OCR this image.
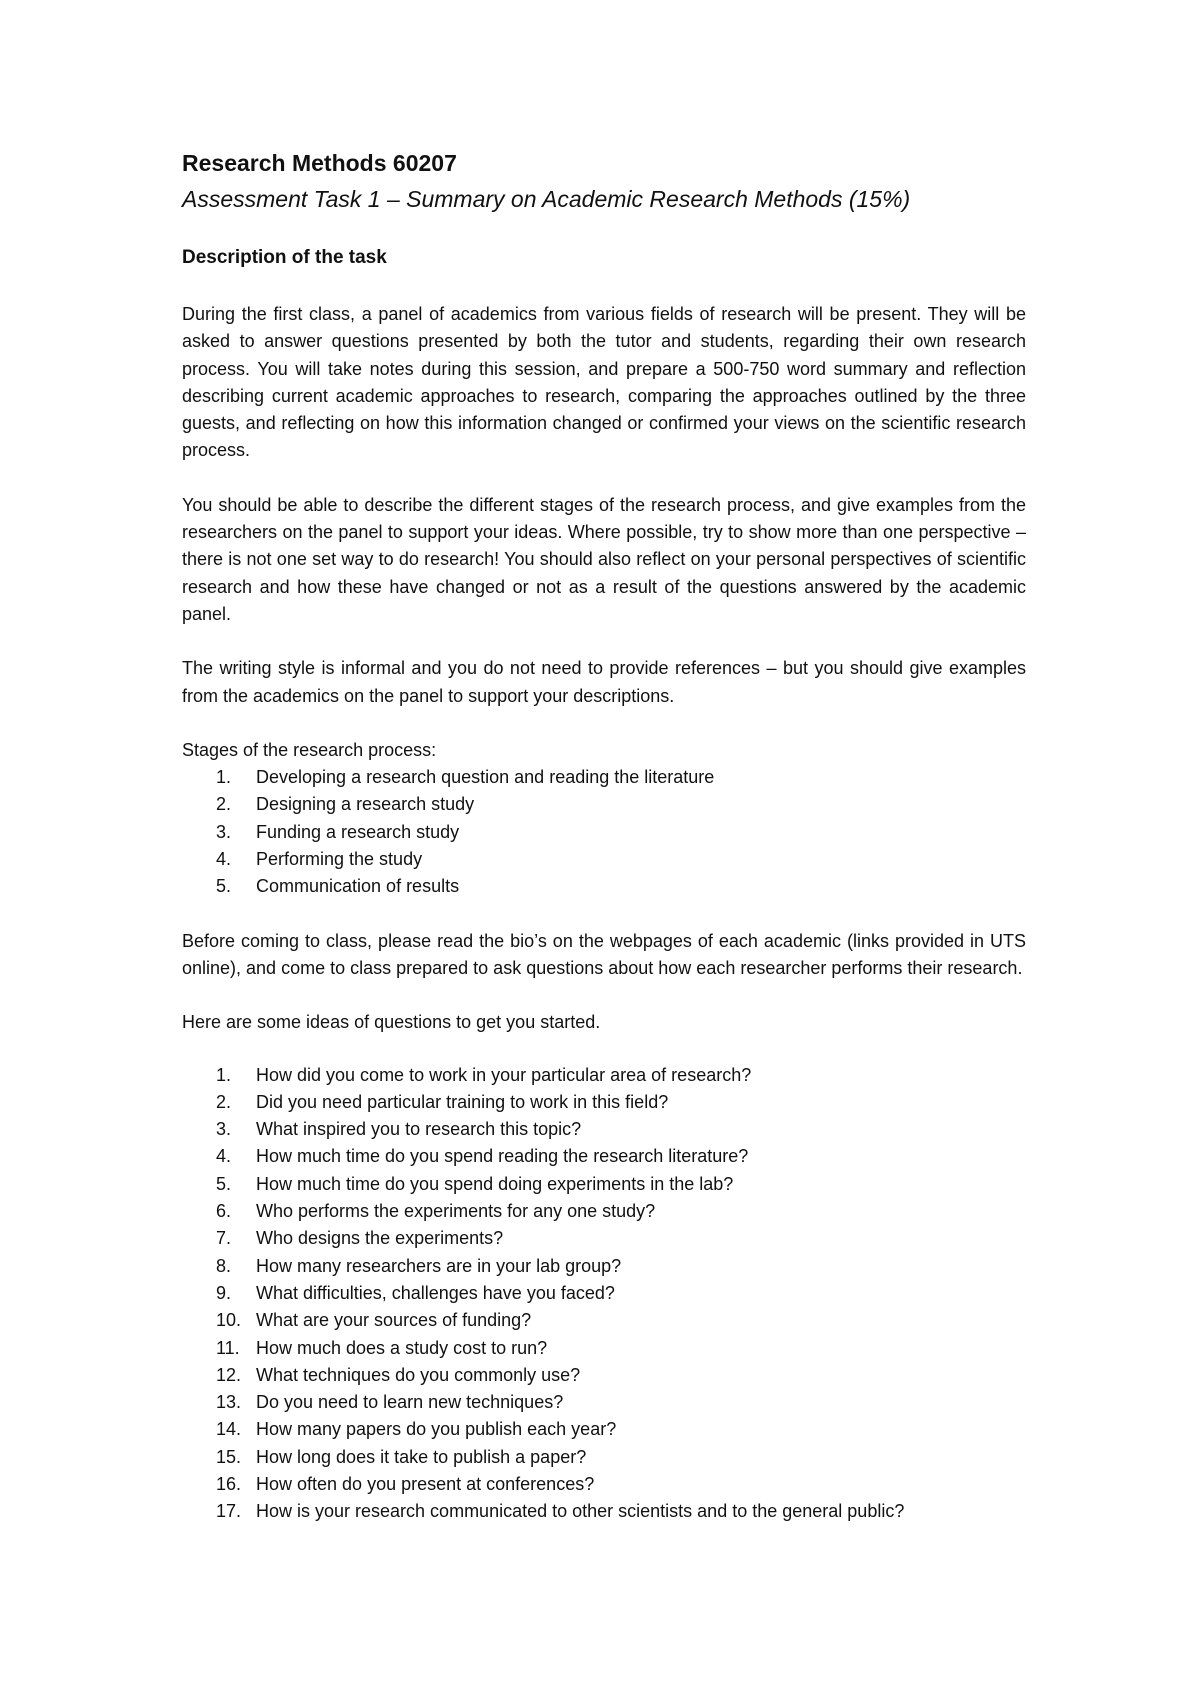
Research Methods 60207

Assessment Task 1 – Summary on Academic Research Methods (15%)

Description of the task

During the first class, a panel of academics from various fields of research will be present. They will be asked to answer questions presented by both the tutor and students, regarding their own research process. You will take notes during this session, and prepare a 500-750 word summary and reflection describing current academic approaches to research, comparing the approaches outlined by the three guests, and reflecting on how this information changed or confirmed your views on the scientific research process.

You should be able to describe the different stages of the research process, and give examples from the researchers on the panel to support your ideas. Where possible, try to show more than one perspective – there is not one set way to do research! You should also reflect on your personal perspectives of scientific research and how these have changed or not as a result of the questions answered by the academic panel.

The writing style is informal and you do not need to provide references – but you should give examples from the academics on the panel to support your descriptions.

Stages of the research process:

1. Developing a research question and reading the literature
2. Designing a research study
3. Funding a research study
4. Performing the study
5. Communication of results

Before coming to class, please read the bio’s on the webpages of each academic (links provided in UTS online), and come to class prepared to ask questions about how each researcher performs their research.

Here are some ideas of questions to get you started.

1. How did you come to work in your particular area of research?
2. Did you need particular training to work in this field?
3. What inspired you to research this topic?
4. How much time do you spend reading the research literature?
5. How much time do you spend doing experiments in the lab?
6. Who performs the experiments for any one study?
7. Who designs the experiments?
8. How many researchers are in your lab group?
9. What difficulties, challenges have you faced?
10. What are your sources of funding?
11. How much does a study cost to run?
12. What techniques do you commonly use?
13. Do you need to learn new techniques?
14. How many papers do you publish each year?
15. How long does it take to publish a paper?
16. How often do you present at conferences?
17. How is your research communicated to other scientists and to the general public?
